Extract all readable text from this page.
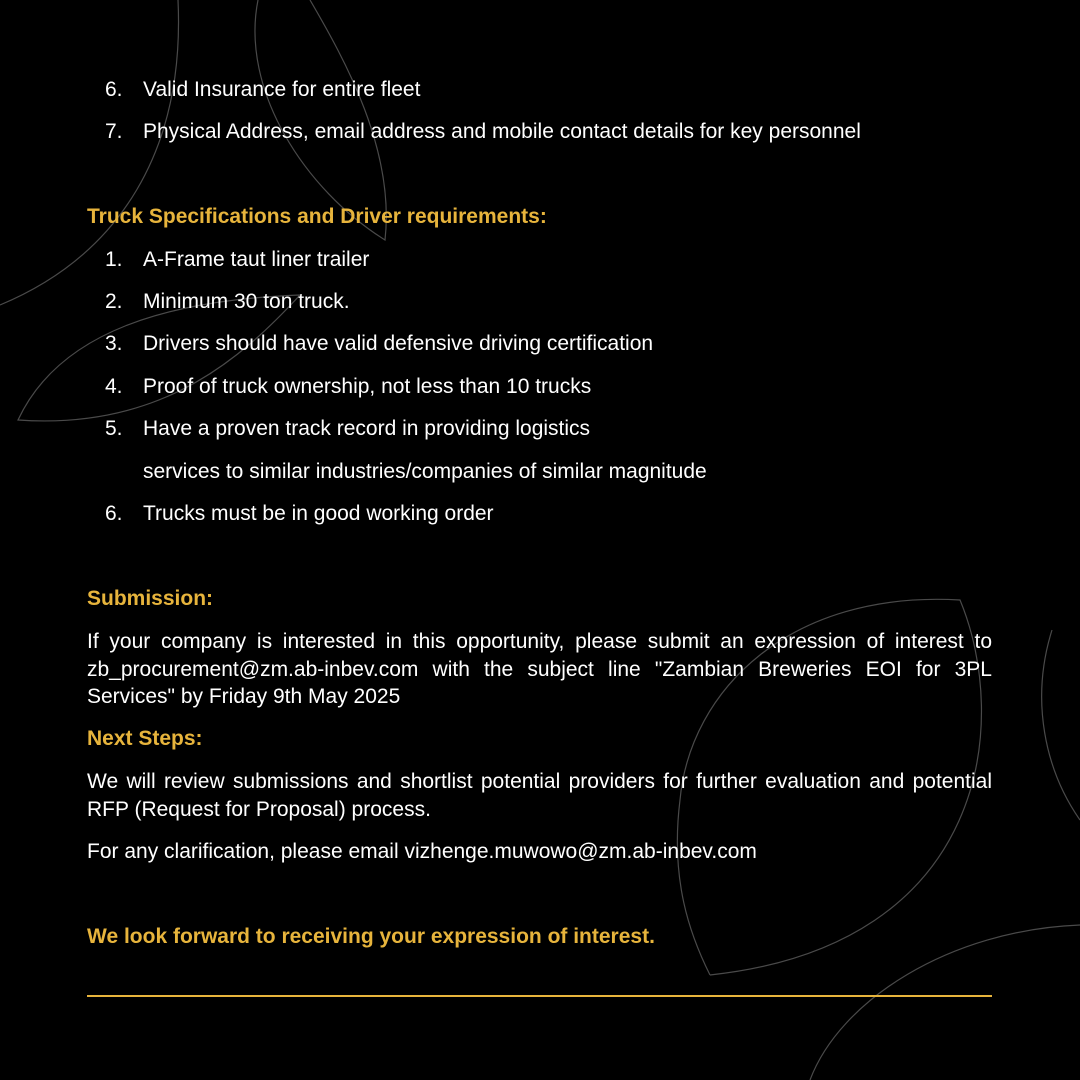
6. Valid Insurance for entire fleet
7. Physical Address, email address and mobile contact details for key personnel
Truck Specifications and Driver requirements:
1. A-Frame taut liner trailer
2. Minimum 30 ton truck.
3. Drivers should have valid defensive driving certification
4. Proof of truck ownership, not less than 10 trucks
5. Have a proven track record in providing logistics
services to similar industries/companies of similar magnitude
6. Trucks must be in good working order
Submission:
If your company is interested in this opportunity, please submit an expression of interest to zb_procurement@zm.ab-inbev.com with the subject line "Zambian Breweries EOI for 3PL Services" by Friday 9th May 2025
Next Steps:
We will review submissions and shortlist potential providers for further evaluation and potential RFP (Request for Proposal) process.
For any clarification, please email vizhenge.muwowo@zm.ab-inbev.com
We look forward to receiving your expression of interest.
